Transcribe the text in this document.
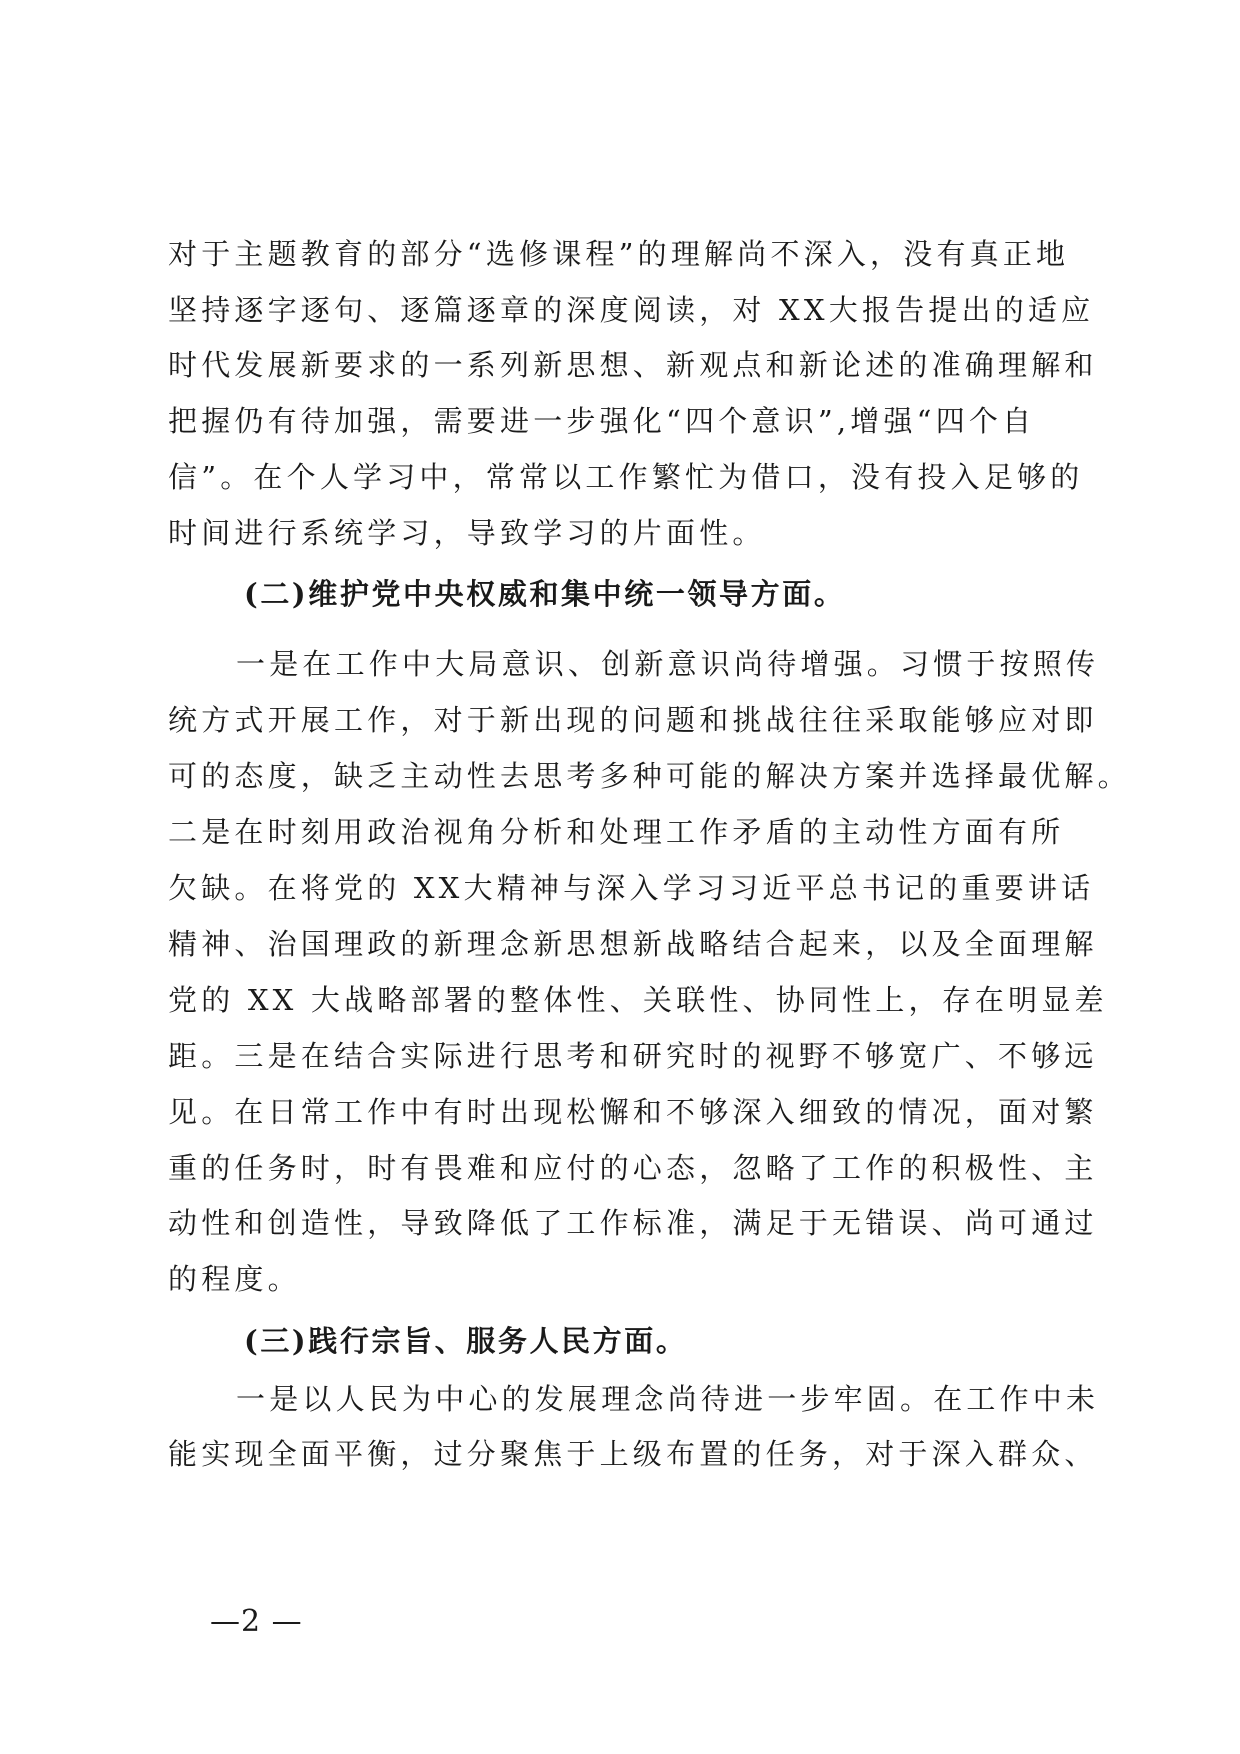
对于主题教育的部分“选修课程”的理解尚不深入，没有真正地
坚持逐字逐句、逐篇逐章的深度阅读，对 XX大报告提出的适应
时代发展新要求的一系列新思想、新观点和新论述的准确理解和
把握仍有待加强，需要进一步强化“四个意识”,增强“四个自
信”。在个人学习中，常常以工作繁忙为借口，没有投入足够的
时间进行系统学习，导致学习的片面性。
(二)维护党中央权威和集中统一领导方面。
一是在工作中大局意识、创新意识尚待增强。习惯于按照传
统方式开展工作，对于新出现的问题和挑战往往采取能够应对即
可的态度，缺乏主动性去思考多种可能的解决方案并选择最优解。
二是在时刻用政治视角分析和处理工作矛盾的主动性方面有所
欠缺。在将党的 XX大精神与深入学习习近平总书记的重要讲话
精神、治国理政的新理念新思想新战略结合起来，以及全面理解
党的 XX 大战略部署的整体性、关联性、协同性上，存在明显差
距。三是在结合实际进行思考和研究时的视野不够宽广、不够远
见。在日常工作中有时出现松懈和不够深入细致的情况，面对繁
重的任务时，时有畏难和应付的心态，忽略了工作的积极性、主
动性和创造性，导致降低了工作标准，满足于无错误、尚可通过
的程度。
(三)践行宗旨、服务人民方面。
一是以人民为中心的发展理念尚待进一步牢固。在工作中未
能实现全面平衡，过分聚焦于上级布置的任务，对于深入群众、
—2 —
